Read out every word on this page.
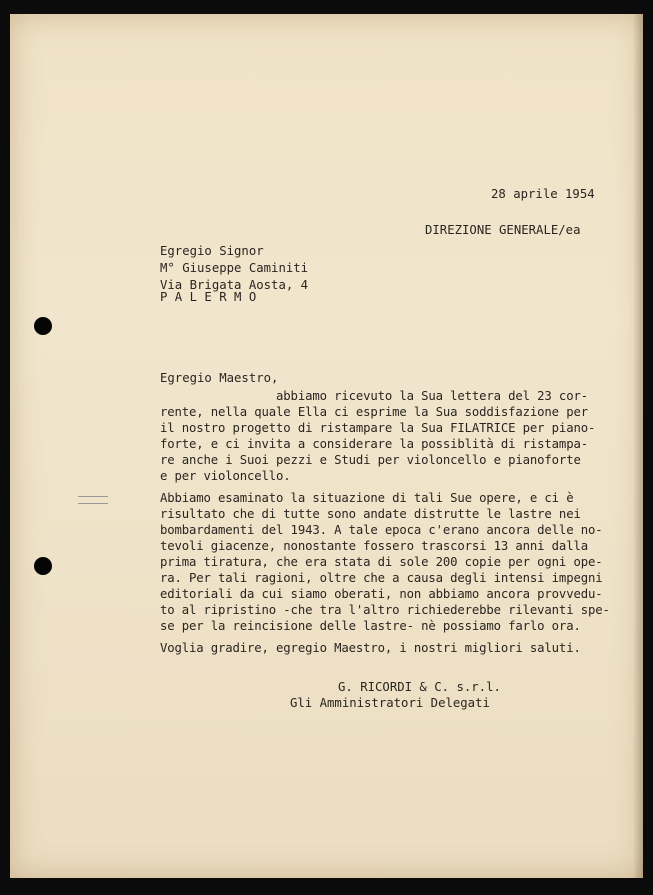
28 aprile 1954

DIREZIONE GENERALE/ea

Egregio Signor

M° Giuseppe Caminiti

Via Brigata Aosta, 4

P A L E R M O

Egregio Maestro,

abbiamo ricevuto la Sua lettera del 23 cor-

rente, nella quale Ella ci esprime la Sua soddisfazione per

il nostro progetto di ristampare la Sua FILATRICE per piano-

forte, e ci invita a considerare la possiblità di ristampa-

re anche i Suoi pezzi e Studi per violoncello e pianoforte

e per violoncello.

Abbiamo esaminato la situazione di tali Sue opere, e ci è

risultato che di tutte sono andate distrutte le lastre nei

bombardamenti del 1943. A tale epoca c'erano ancora delle no-

tevoli giacenze, nonostante fossero trascorsi 13 anni dalla

prima tiratura, che era stata di sole 200 copie per ogni ope-

ra. Per tali ragioni, oltre che a causa degli intensi impegni

editoriali da cui siamo oberati, non abbiamo ancora provvedu-

to al ripristino -che tra l'altro richiederebbe rilevanti spe-

se per la reincisione delle lastre- nè possiamo farlo ora.

Voglia gradire, egregio Maestro, i nostri migliori saluti.

G. RICORDI & C. s.r.l.

Gli Amministratori Delegati
